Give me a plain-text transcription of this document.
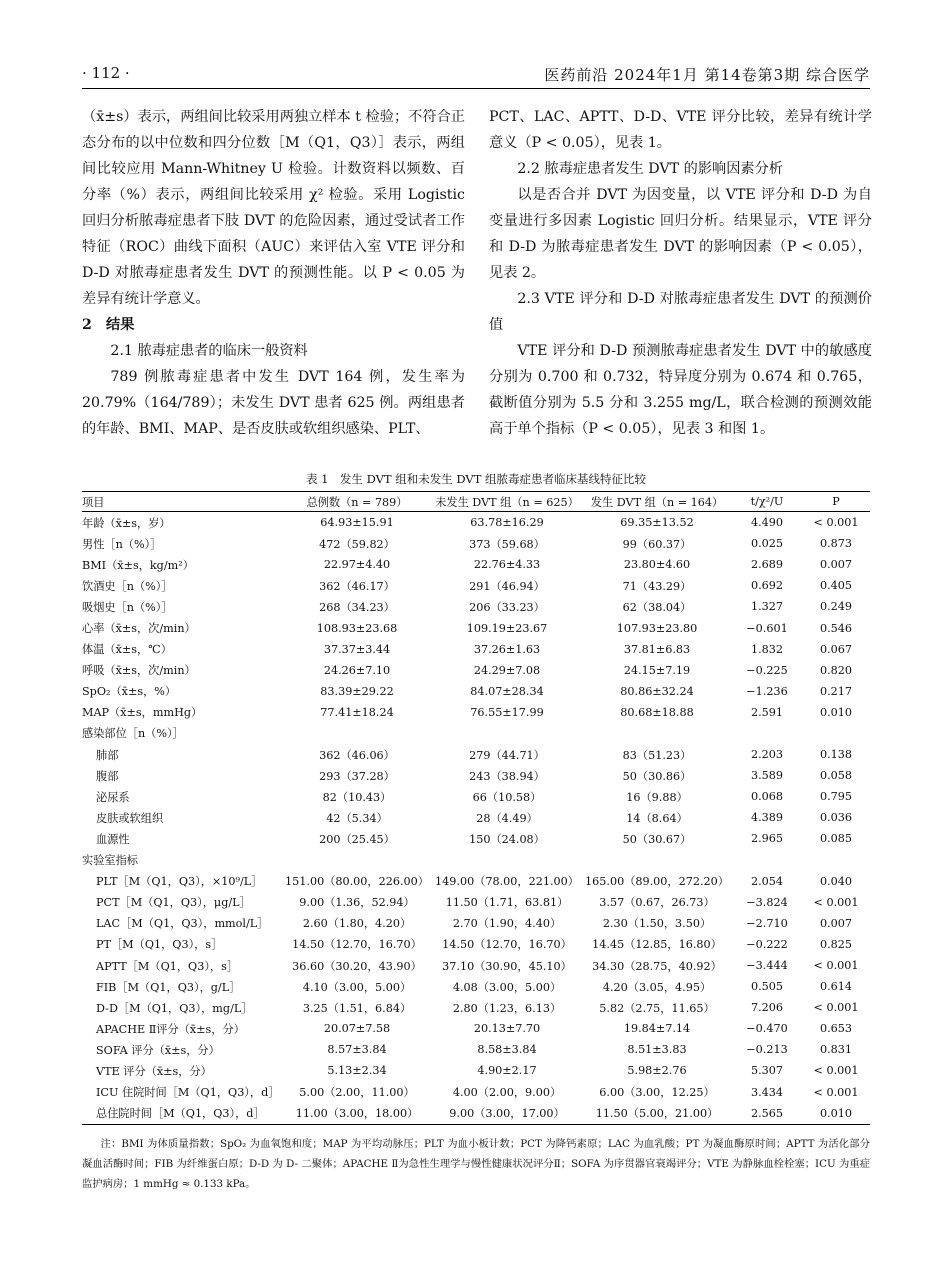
· 112 ·	医药前沿 2024年1月 第14卷第3期 综合医学

（x̄±s）表示，两组间比较采用两独立样本 t 检验；不符合正态分布的以中位数和四分位数［M（Q1，Q3）］表示，两组间比较应用 Mann-Whitney U 检验。计数资料以频数、百分率（%）表示，两组间比较采用 χ² 检验。采用 Logistic 回归分析脓毒症患者下肢 DVT 的危险因素，通过受试者工作特征（ROC）曲线下面积（AUC）来评估入室 VTE 评分和 D-D 对脓毒症患者发生 DVT 的预测性能。以 P < 0.05 为差异有统计学意义。

2　结果

2.1 脓毒症患者的临床一般资料

789 例脓毒症患者中发生 DVT 164 例，发生率为 20.79%（164/789）；未发生 DVT 患者 625 例。两组患者的年龄、BMI、MAP、是否皮肤或软组织感染、PLT、

PCT、LAC、APTT、D-D、VTE 评分比较，差异有统计学意义（P < 0.05），见表 1。

2.2 脓毒症患者发生 DVT 的影响因素分析

以是否合并 DVT 为因变量，以 VTE 评分和 D-D 为自变量进行多因素 Logistic 回归分析。结果显示，VTE 评分和 D-D 为脓毒症患者发生 DVT 的影响因素（P < 0.05），见表 2。

2.3 VTE 评分和 D-D 对脓毒症患者发生 DVT 的预测价值

VTE 评分和 D-D 预测脓毒症患者发生 DVT 中的敏感度分别为 0.700 和 0.732，特异度分别为 0.674 和 0.765，截断值分别为 5.5 分和 3.255 mg/L，联合检测的预测效能高于单个指标（P < 0.05），见表 3 和图 1。

表 1　发生 DVT 组和未发生 DVT 组脓毒症患者临床基线特征比较
项目	总例数（n = 789）	未发生 DVT 组（n = 625）	发生 DVT 组（n = 164）	t/χ²/U	P
年龄（x̄±s，岁）	64.93±15.91	63.78±16.29	69.35±13.52	4.490	< 0.001
男性［n（%）］	472（59.82）	373（59.68）	99（60.37）	0.025	0.873
BMI（x̄±s，kg/m²）	22.97±4.40	22.76±4.33	23.80±4.60	2.689	0.007
饮酒史［n（%）］	362（46.17）	291（46.94）	71（43.29）	0.692	0.405
吸烟史［n（%）］	268（34.23）	206（33.23）	62（38.04）	1.327	0.249
心率（x̄±s，次/min）	108.93±23.68	109.19±23.67	107.93±23.80	−0.601	0.546
体温（x̄±s，℃）	37.37±3.44	37.26±1.63	37.81±6.83	1.832	0.067
呼吸（x̄±s，次/min）	24.26±7.10	24.29±7.08	24.15±7.19	−0.225	0.820
SpO₂（x̄±s，%）	83.39±29.22	84.07±28.34	80.86±32.24	−1.236	0.217
MAP（x̄±s，mmHg）	77.41±18.24	76.55±17.99	80.68±18.88	2.591	0.010
感染部位［n（%）］					
肺部	362（46.06）	279（44.71）	83（51.23）	2.203	0.138
腹部	293（37.28）	243（38.94）	50（30.86）	3.589	0.058
泌尿系	82（10.43）	66（10.58）	16（9.88）	0.068	0.795
皮肤或软组织	42（5.34）	28（4.49）	14（8.64）	4.389	0.036
血源性	200（25.45）	150（24.08）	50（30.67）	2.965	0.085
实验室指标					
PLT［M（Q1，Q3），×10⁹/L］	151.00（80.00，226.00）	149.00（78.00，221.00）	165.00（89.00，272.20）	2.054	0.040
PCT［M（Q1，Q3），μg/L］	9.00（1.36，52.94）	11.50（1.71，63.81）	3.57（0.67，26.73）	−3.824	< 0.001
LAC［M（Q1，Q3），mmol/L］	2.60（1.80，4.20）	2.70（1.90，4.40）	2.30（1.50，3.50）	−2.710	0.007
PT［M（Q1，Q3），s］	14.50（12.70，16.70）	14.50（12.70，16.70）	14.45（12.85，16.80）	−0.222	0.825
APTT［M（Q1，Q3），s］	36.60（30.20，43.90）	37.10（30.90，45.10）	34.30（28.75，40.92）	−3.444	< 0.001
FIB［M（Q1，Q3），g/L］	4.10（3.00，5.00）	4.08（3.00，5.00）	4.20（3.05，4.95）	0.505	0.614
D-D［M（Q1，Q3），mg/L］	3.25（1.51，6.84）	2.80（1.23，6.13）	5.82（2.75，11.65）	7.206	< 0.001
APACHE Ⅱ评分（x̄±s，分）	20.07±7.58	20.13±7.70	19.84±7.14	−0.470	0.653
SOFA 评分（x̄±s，分）	8.57±3.84	8.58±3.84	8.51±3.83	−0.213	0.831
VTE 评分（x̄±s，分）	5.13±2.34	4.90±2.17	5.98±2.76	5.307	< 0.001
ICU 住院时间［M（Q1，Q3），d］	5.00（2.00，11.00）	4.00（2.00，9.00）	6.00（3.00，12.25）	3.434	< 0.001
总住院时间［M（Q1，Q3），d］	11.00（3.00，18.00）	9.00（3.00，17.00）	11.50（5.00，21.00）	2.565	0.010
注：BMI 为体质量指数；SpO₂ 为血氧饱和度；MAP 为平均动脉压；PLT 为血小板计数；PCT 为降钙素原；LAC 为血乳酸；PT 为凝血酶原时间；APTT 为活化部分凝血活酶时间；FIB 为纤维蛋白原；D-D 为 D- 二聚体；APACHE Ⅱ为急性生理学与慢性健康状况评分Ⅱ；SOFA 为序贯器官衰竭评分；VTE 为静脉血栓栓塞；ICU 为重症监护病房；1 mmHg ≈ 0.133 kPa。
